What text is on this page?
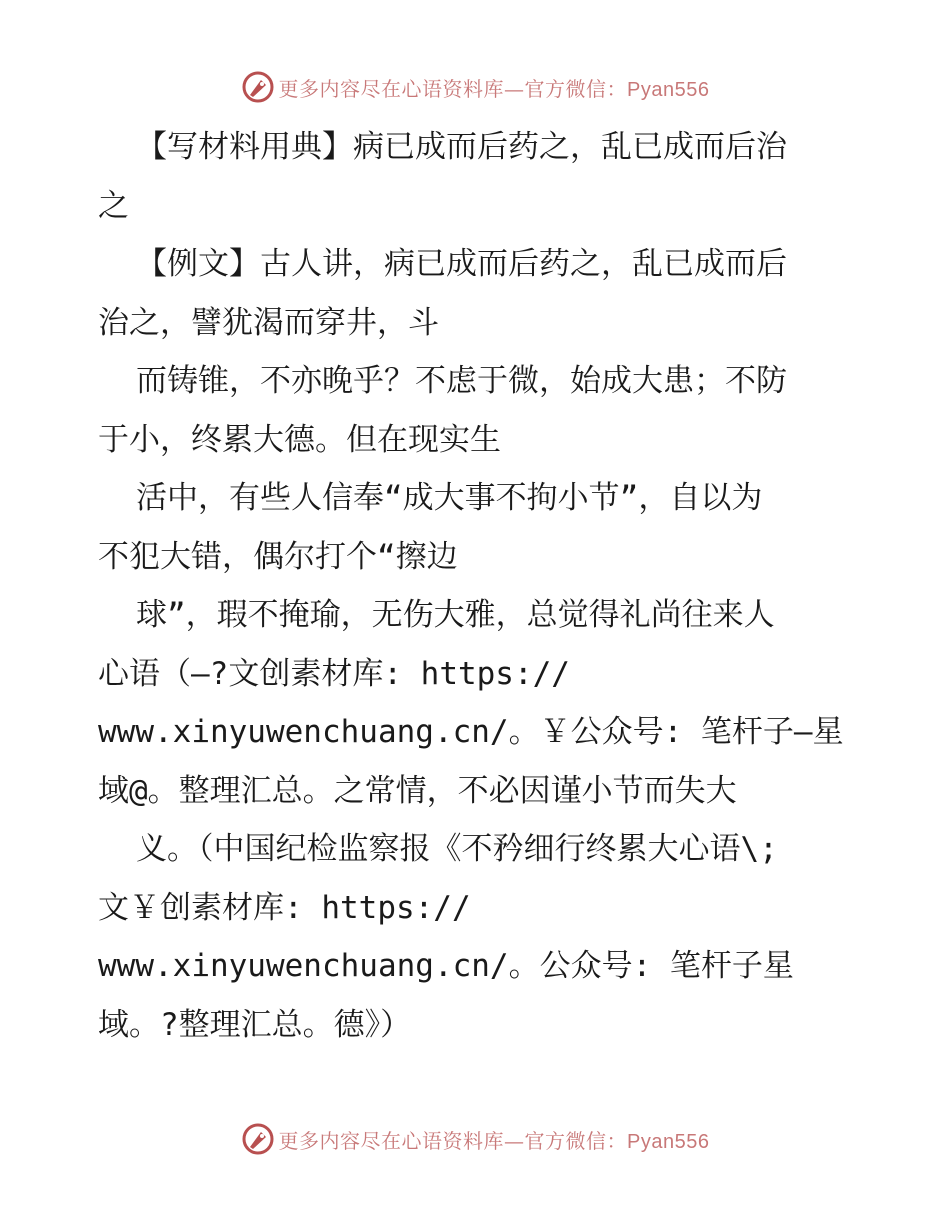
更多内容尽在心语资料库—官方微信：Pyan556
【写材料用典】病已成而后药之，乱已成而后治
之
【例文】古人讲，病已成而后药之，乱已成而后
治之，譬犹渴而穿井，斗
而铸锥，不亦晚乎？不虑于微，始成大患；不防
于小，终累大德。但在现实生
活中，有些人信奉“成大事不拘小节”，自以为
不犯大错，偶尔打个“擦边
球”，瑕不掩瑜，无伤大雅，总觉得礼尚往来人
心语（—?文创素材库: https://
www.xinyuwenchuang.cn/。￥公众号: 笔杆子—星
域@。整理汇总。之常情，不必因谨小节而失大
义。（中国纪检监察报《不矜细行终累大心语\;
文￥创素材库: https://
www.xinyuwenchuang.cn/。公众号: 笔杆子星
域。?整理汇总。德》）
更多内容尽在心语资料库—官方微信：Pyan556
